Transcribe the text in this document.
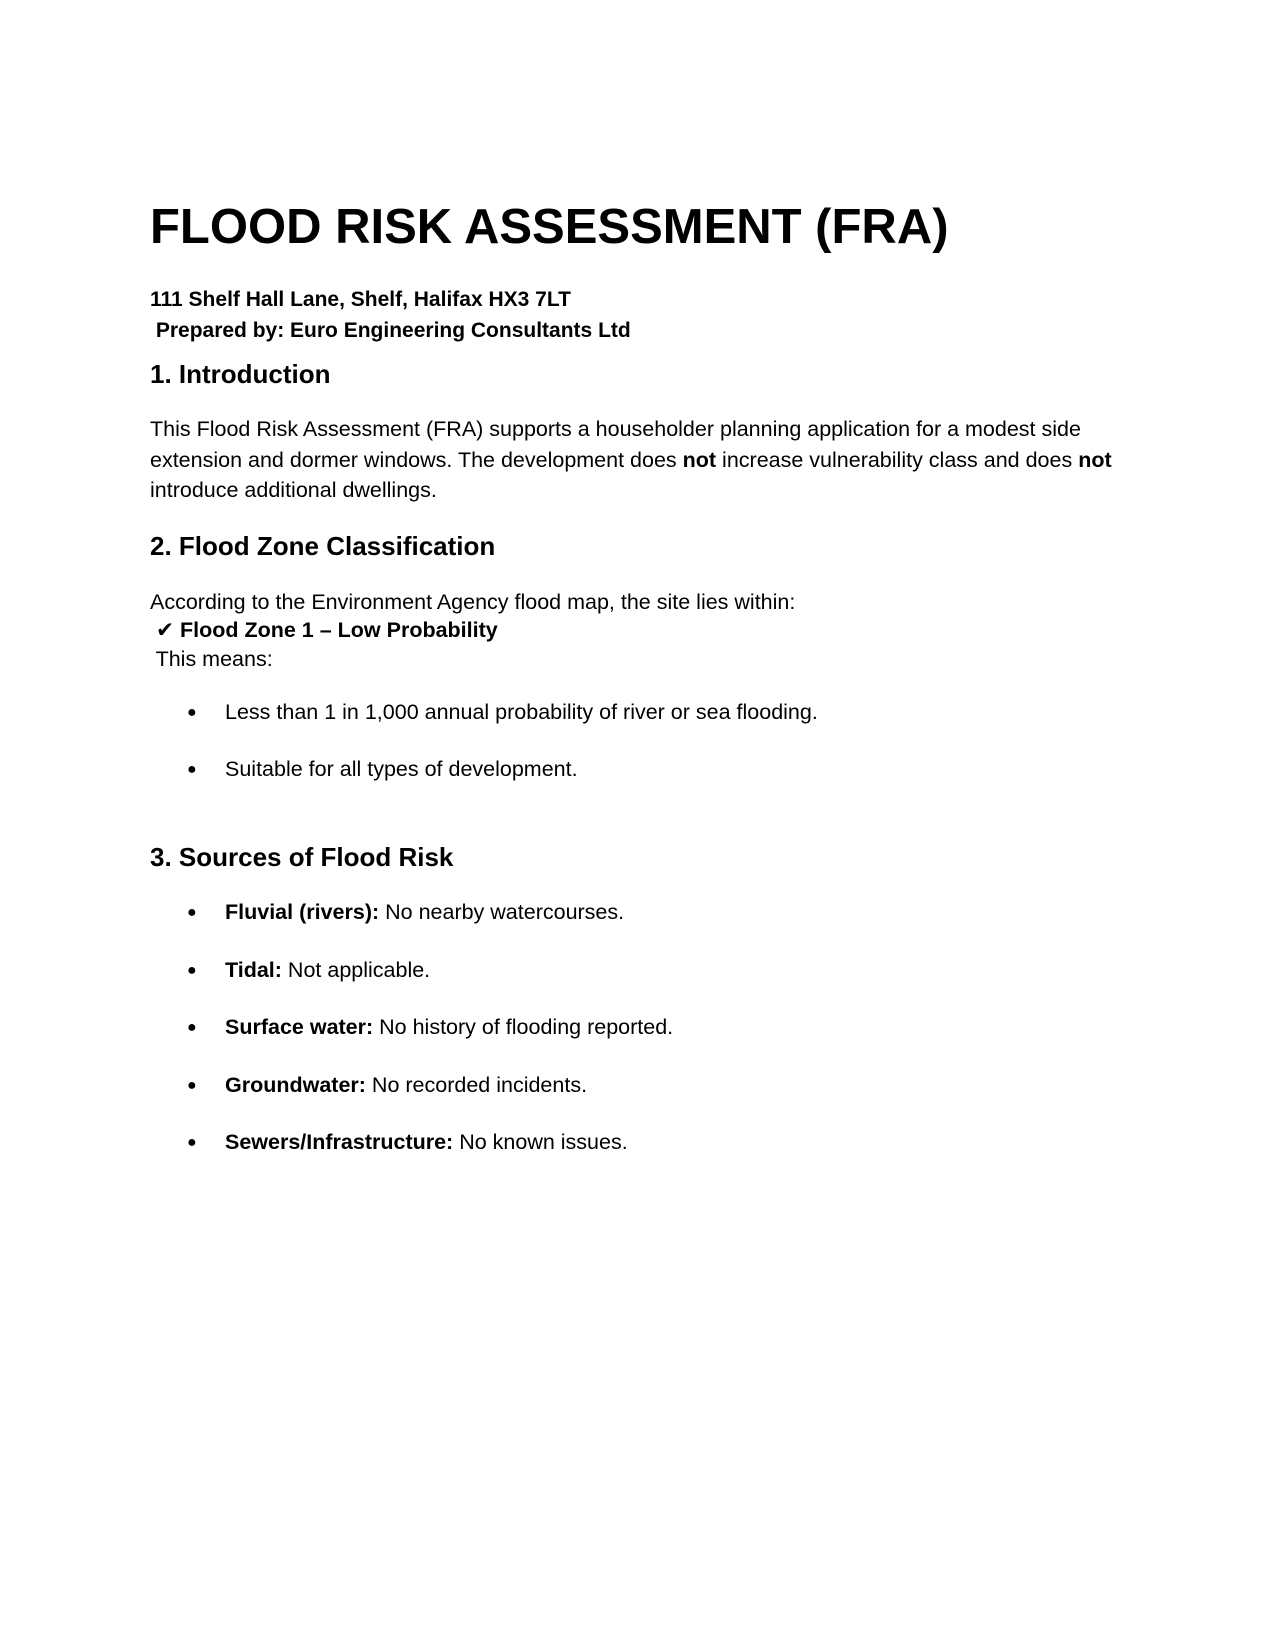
FLOOD RISK ASSESSMENT (FRA)
111 Shelf Hall Lane, Shelf, Halifax HX3 7LT
Prepared by: Euro Engineering Consultants Ltd
1. Introduction

This Flood Risk Assessment (FRA) supports a householder planning application for a modest side extension and dormer windows. The development does not increase vulnerability class and does not introduce additional dwellings.

2. Flood Zone Classification
According to the Environment Agency flood map, the site lies within:
✔ Flood Zone 1 – Low Probability
This means:
● Less than 1 in 1,000 annual probability of river or sea flooding.
● Suitable for all types of development.
3. Sources of Flood Risk
● Fluvial (rivers): No nearby watercourses.
● Tidal: Not applicable.
● Surface water: No history of flooding reported.
● Groundwater: No recorded incidents.
● Sewers/Infrastructure: No known issues.
